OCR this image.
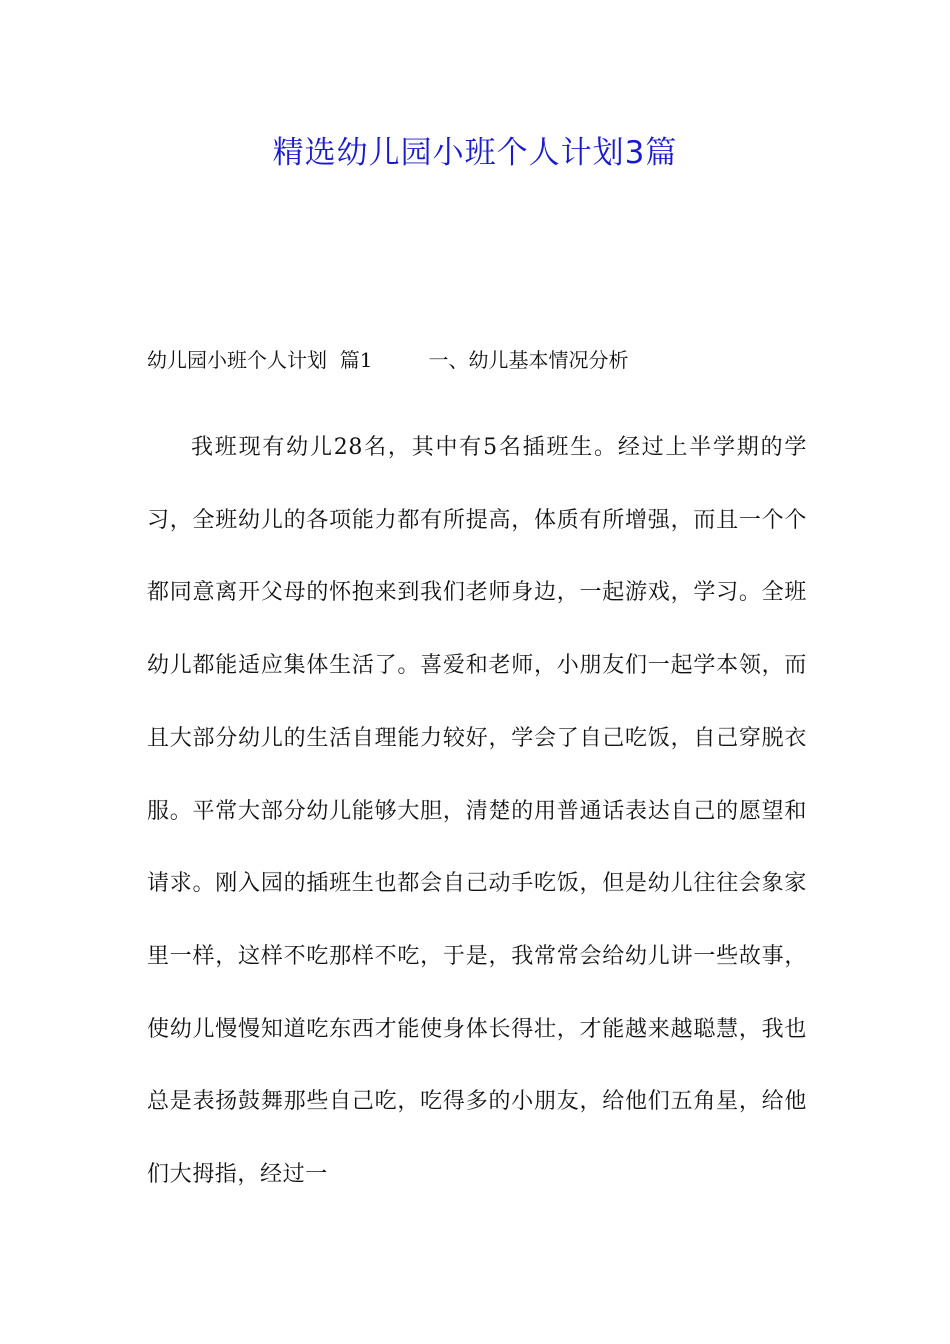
精选幼儿园小班个人计划3篇
幼儿园小班个人计划  篇1	一、幼儿基本情况分析

我班现有幼儿28名，其中有5名插班生。经过上半学期的学习，全班幼儿的各项能力都有所提高，体质有所增强，而且一个个都同意离开父母的怀抱来到我们老师身边，一起游戏，学习。全班幼儿都能适应集体生活了。喜爱和老师，小朋友们一起学本领，而且大部分幼儿的生活自理能力较好，学会了自己吃饭，自己穿脱衣服。平常大部分幼儿能够大胆，清楚的用普通话表达自己的愿望和请求。刚入园的插班生也都会自己动手吃饭，但是幼儿往往会象家里一样，这样不吃那样不吃，于是，我常常会给幼儿讲一些故事，使幼儿慢慢知道吃东西才能使身体长得壮，才能越来越聪慧，我也总是表扬鼓舞那些自己吃，吃得多的小朋友，给他们五角星，给他们大拇指，经过一
